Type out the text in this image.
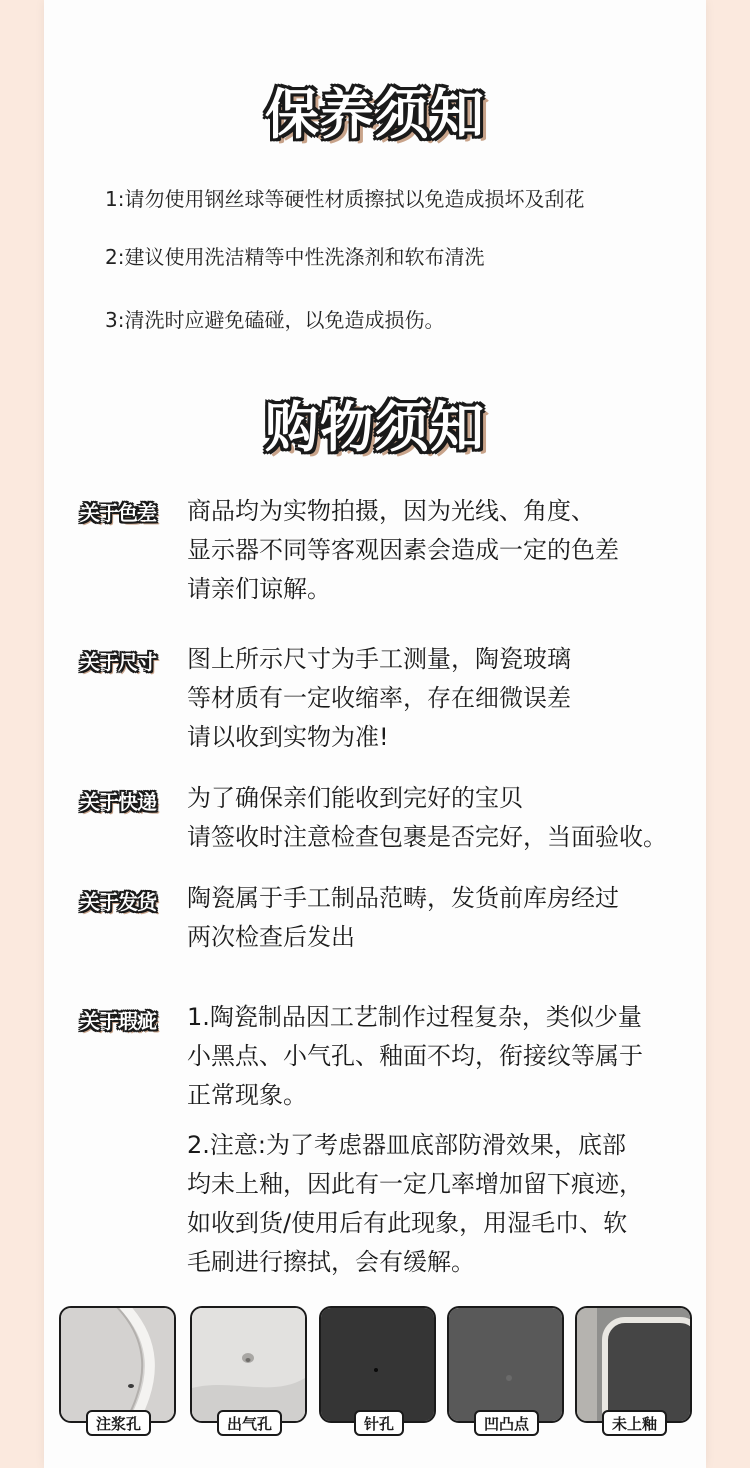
保养须知
1:请勿使用钢丝球等硬性材质擦拭以免造成损坏及刮花
2:建议使用洗洁精等中性洗涤剂和软布清洗
3:清洗时应避免磕碰，以免造成损伤。
购物须知
关于色差 商品均为实物拍摄，因为光线、角度、
显示器不同等客观因素会造成一定的色差
请亲们谅解。
关于尺寸 图上所示尺寸为手工测量，陶瓷玻璃
等材质有一定收缩率，存在细微误差
请以收到实物为准!
关于快递 为了确保亲们能收到完好的宝贝
请签收时注意检查包裹是否完好，当面验收。
关于发货 陶瓷属于手工制品范畴，发货前库房经过
两次检查后发出
关于瑕疵 1.陶瓷制品因工艺制作过程复杂，类似少量
小黑点、小气孔、釉面不均，衔接纹等属于
正常现象。
2.注意:为了考虑器皿底部防滑效果，底部
均未上釉，因此有一定几率增加留下痕迹，
如收到货/使用后有此现象，用湿毛巾、软
毛刷进行擦拭，会有缓解。
注浆孔	出气孔	针孔	凹凸点	未上釉
